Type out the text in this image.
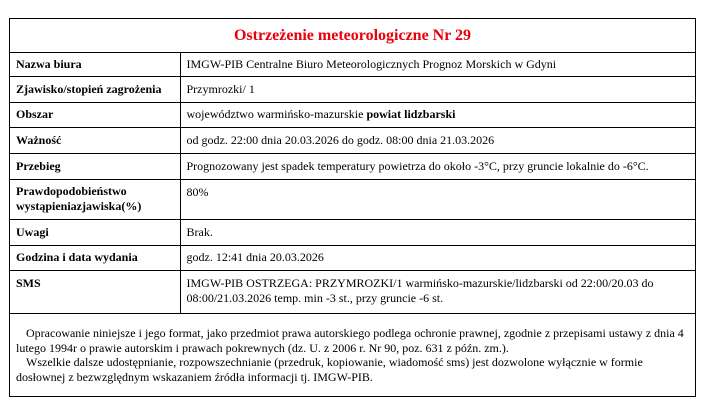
Ostrzeżenie meteorologiczne Nr 29
Nazwa biura	IMGW-PIB Centralne Biuro Meteorologicznych Prognoz Morskich w Gdyni
Zjawisko/stopień zagrożenia	Przymrozki/ 1
Obszar	województwo warmińsko-mazurskie powiat lidzbarski
Ważność	od godz. 22:00 dnia 20.03.2026 do godz. 08:00 dnia 21.03.2026
Przebieg	Prognozowany jest spadek temperatury powietrza do około -3°C, przy gruncie lokalnie do -6°C.
Prawdopodobieństwo wystąpieniazjawiska(%)	80%
Uwagi	Brak.
Godzina i data wydania	godz. 12:41 dnia 20.03.2026
SMS	IMGW-PIB OSTRZEGA: PRZYMROZKI/1 warmińsko-mazurskie/lidzbarski od 22:00/20.03 do 08:00/21.03.2026 temp. min -3 st., przy gruncie -6 st.

Opracowanie niniejsze i jego format, jako przedmiot prawa autorskiego podlega ochronie prawnej, zgodnie z przepisami ustawy z dnia 4 lutego 1994r o prawie autorskim i prawach pokrewnych (dz. U. z 2006 r. Nr 90, poz. 631 z późn. zm.).

Wszelkie dalsze udostępnianie, rozpowszechnianie (przedruk, kopiowanie, wiadomość sms) jest dozwolone wyłącznie w formie dosłownej z bezwzględnym wskazaniem źródła informacji tj. IMGW-PIB.
